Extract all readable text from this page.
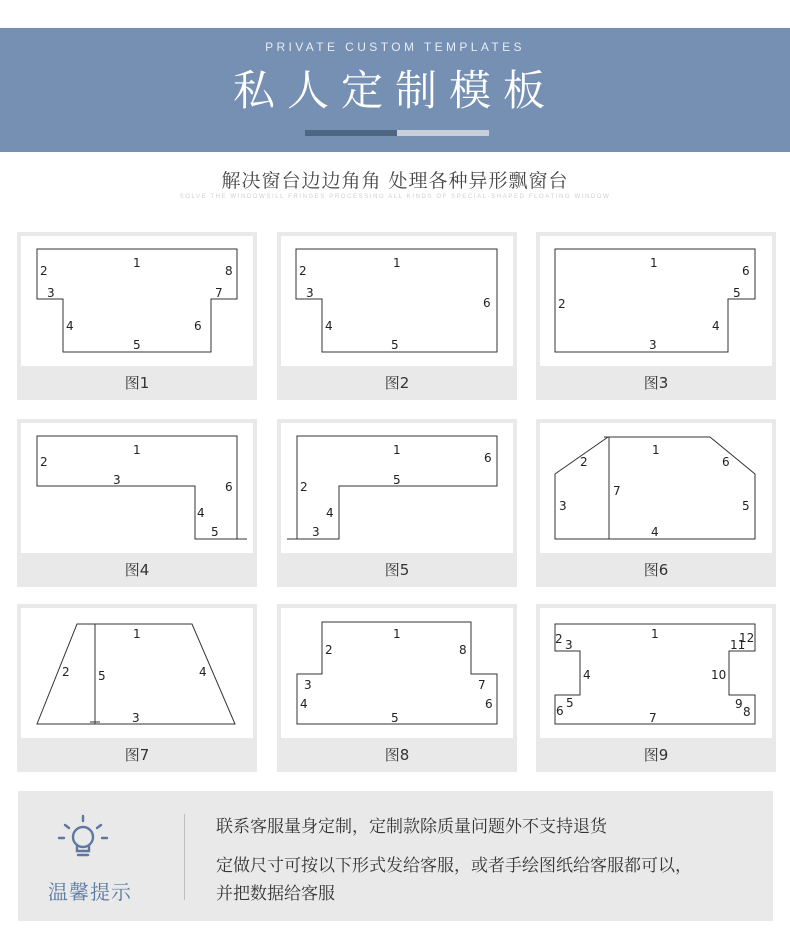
PRIVATE CUSTOM TEMPLATES
私人定制模板
解决窗台边边角角 处理各种异形飘窗台
SOLVE THE WINDOWSILL FRINGES PROCESSING ALL KINDS OF SPECIAL-SHAPED FLOATING WINDOW
1
2
3
4
5
6
7
8
图1
1
2
3
4
5
6
图2
1
2
3
4
5
6
图3
1
2
3
4
5
6
图4
1
2
3
4
5
6
图5
1
2
3
4
5
6
7
图6
1
2
3
4
5
图7
1
2
3
4
5
6
7
8
图8
1
2 3
4
5
6	7	8
9
10
11
12
图9
温馨提示
联系客服量身定制，定制款除质量问题外不支持退货
定做尺寸可按以下形式发给客服，或者手绘图纸给客服都可以，
并把数据给客服
